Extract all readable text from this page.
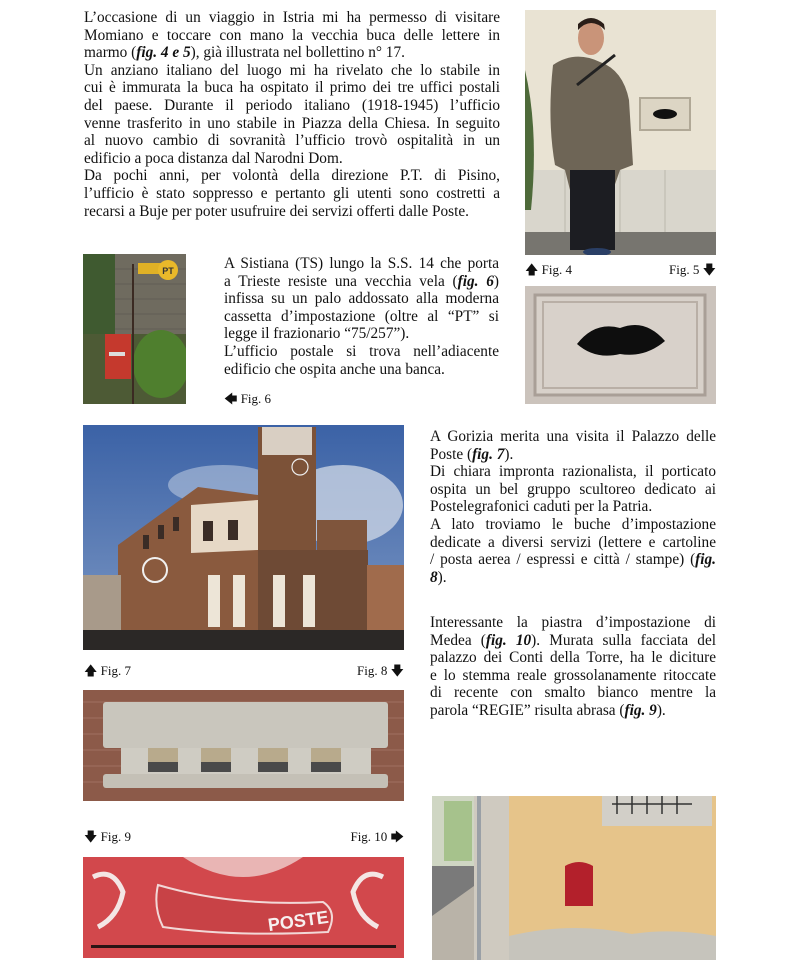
L’occasione di un viaggio in Istria mi ha permesso di visitare
Momiano e toccare con mano la vecchia buca delle lettere in
marmo (fig. 4 e 5), già illustrata nel bollettino n° 17.
Un anziano italiano del luogo mi ha rivelato che lo stabile in
cui è immurata la buca ha ospitato il primo dei tre uffici postali
del paese. Durante il periodo italiano (1918-1945) l’ufficio
venne trasferito in uno stabile in Piazza della Chiesa. In seguito
al nuovo cambio di sovranità l’ufficio trovò ospitalità in un
edificio a poca distanza dal Narodni Dom.
Da pochi anni, per volontà della direzione P.T. di Pisino,
l’ufficio è stato soppresso e pertanto gli utenti sono costretti a
recarsi a Buje per poter usufruire dei servizi offerti dalle Poste.
🡅 Fig. 4	Fig. 5 🡇
PT	A Sistiana (TS) lungo la S.S. 14 che porta
a Trieste resiste una vecchia vela (fig. 6)
infissa su un palo addossato alla moderna
cassetta d’impostazione (oltre al “PT” si
legge il frazionario “75/257”).
L’ufficio postale si trova nell’adiacente
edificio che ospita anche una banca.
🡄 Fig. 6
🡅 Fig. 7	Fig. 8 🡇
A Gorizia merita una visita il Palazzo delle
Poste (fig. 7).
Di chiara impronta razionalista, il porticato
ospita un bel gruppo scultoreo dedicato ai
Postelegrafonici caduti per la Patria.
A lato troviamo le buche d’impostazione
dedicate a diversi servizi (lettere e cartoline
/ posta aerea / espressi e città / stampe) (fig.
8).
Interessante la piastra d’impostazione di
Medea (fig. 10). Murata sulla facciata del
palazzo dei Conti della Torre, ha le diciture
e lo stemma reale grossolanamente ritoccate
di recente con smalto bianco mentre la
parola “REGIE” risulta abrasa (fig. 9).
🡇 Fig. 9	Fig. 10 🡆
POSTE
